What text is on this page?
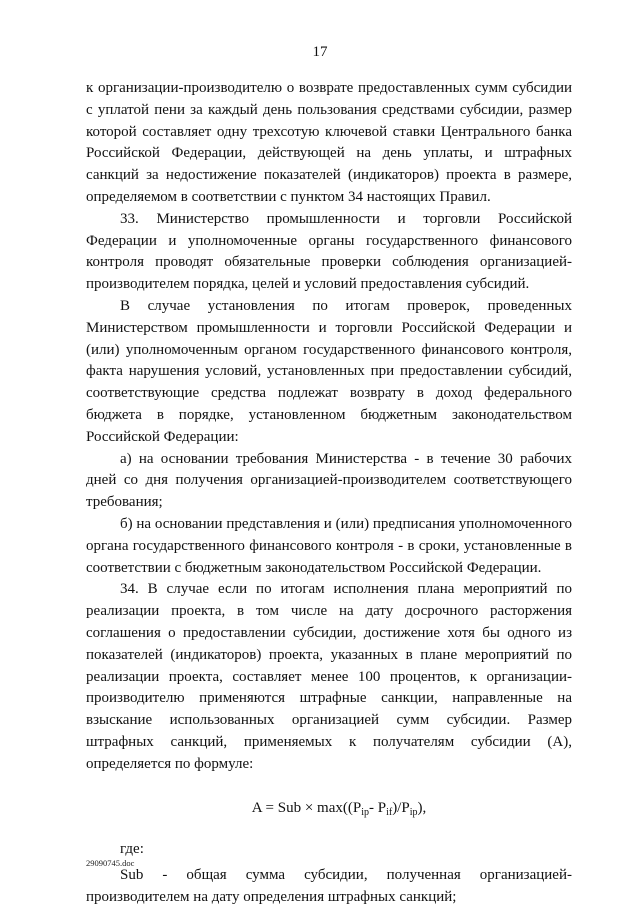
17

к организации-производителю о возврате предоставленных сумм субсидии с уплатой пени за каждый день пользования средствами субсидии, размер которой составляет одну трехсотую ключевой ставки Центрального банка Российской Федерации, действующей на день уплаты, и штрафных санкций за недостижение показателей (индикаторов) проекта в размере, определяемом в соответствии с пунктом 34 настоящих Правил.

33. Министерство промышленности и торговли Российской Федерации и уполномоченные органы государственного финансового контроля проводят обязательные проверки соблюдения организацией-производителем порядка, целей и условий предоставления субсидий.

В случае установления по итогам проверок, проведенных Министерством промышленности и торговли Российской Федерации и (или) уполномоченным органом государственного финансового контроля, факта нарушения условий, установленных при предоставлении субсидий, соответствующие средства подлежат возврату в доход федерального бюджета в порядке, установленном бюджетным законодательством Российской Федерации:

а) на основании требования Министерства - в течение 30 рабочих дней со дня получения организацией-производителем соответствующего требования;

б) на основании представления и (или) предписания уполномоченного органа государственного финансового контроля - в сроки, установленные в соответствии с бюджетным законодательством Российской Федерации.

34. В случае если по итогам исполнения плана мероприятий по реализации проекта, в том числе на дату досрочного расторжения соглашения о предоставлении субсидии, достижение хотя бы одного из показателей (индикаторов) проекта, указанных в плане мероприятий по реализации проекта, составляет менее 100 процентов, к организации-производителю применяются штрафные санкции, направленные на взыскание использованных организацией сумм субсидии. Размер штрафных санкций, применяемых к получателям субсидии (А), определяется по формуле:

A = Sub × $\max((P_{ip}-$ $P_{if})/P_{ip}$),

где:

Sub - общая сумма субсидии, полученная организацией-производителем на дату определения штрафных санкций;

29090745.doc
